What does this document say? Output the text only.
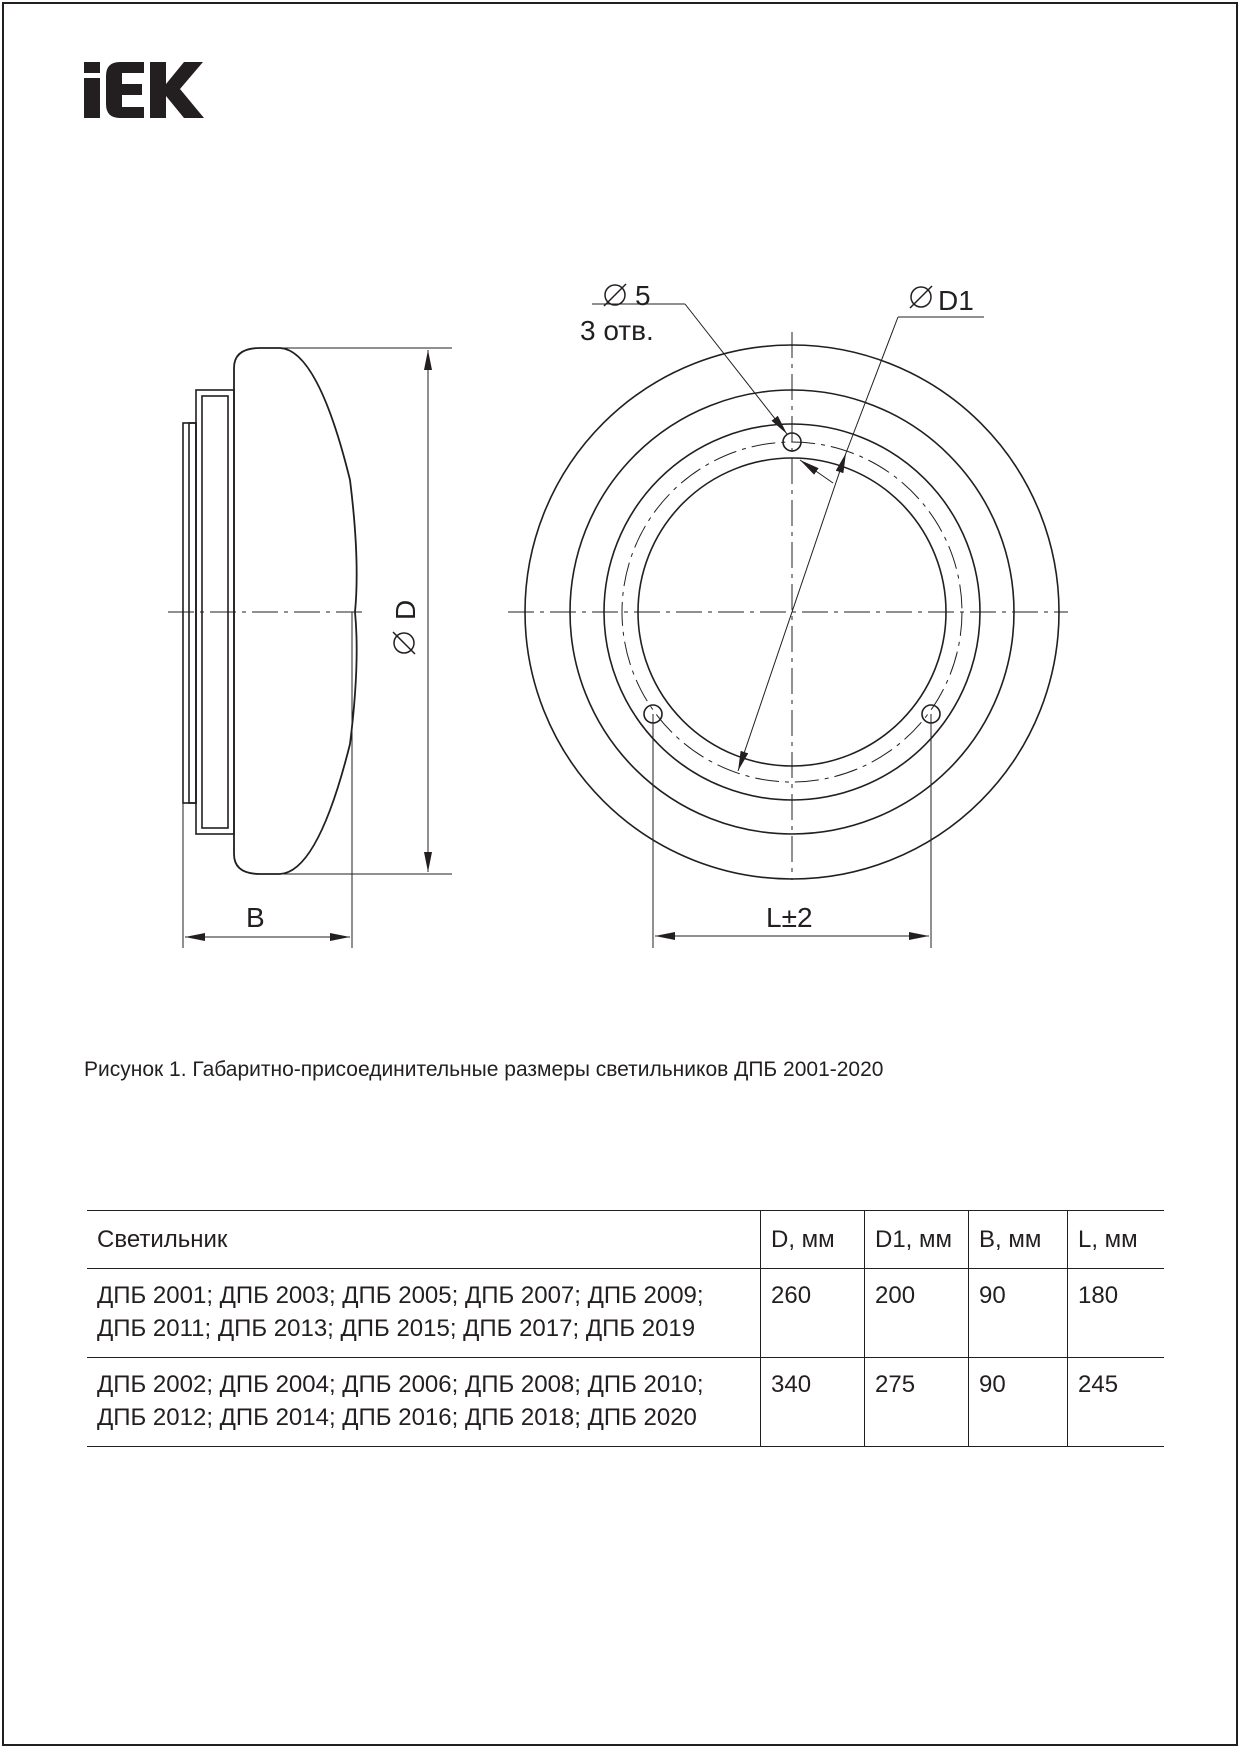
D
B
5
3 отв.
D1
L±2
Рисунок 1. Габаритно-присоединительные размеры светильников ДПБ 2001-2020
Светильник	D, мм	D1, мм	B, мм	L, мм

ДПБ 2001; ДПБ 2003; ДПБ 2005; ДПБ 2007; ДПБ 2009;
ДПБ 2011; ДПБ 2013; ДПБ 2015; ДПБ 2017; ДПБ 2019	260	200	90	180

ДПБ 2002; ДПБ 2004; ДПБ 2006; ДПБ 2008; ДПБ 2010;
ДПБ 2012; ДПБ 2014; ДПБ 2016; ДПБ 2018; ДПБ 2020	340	275	90	245
